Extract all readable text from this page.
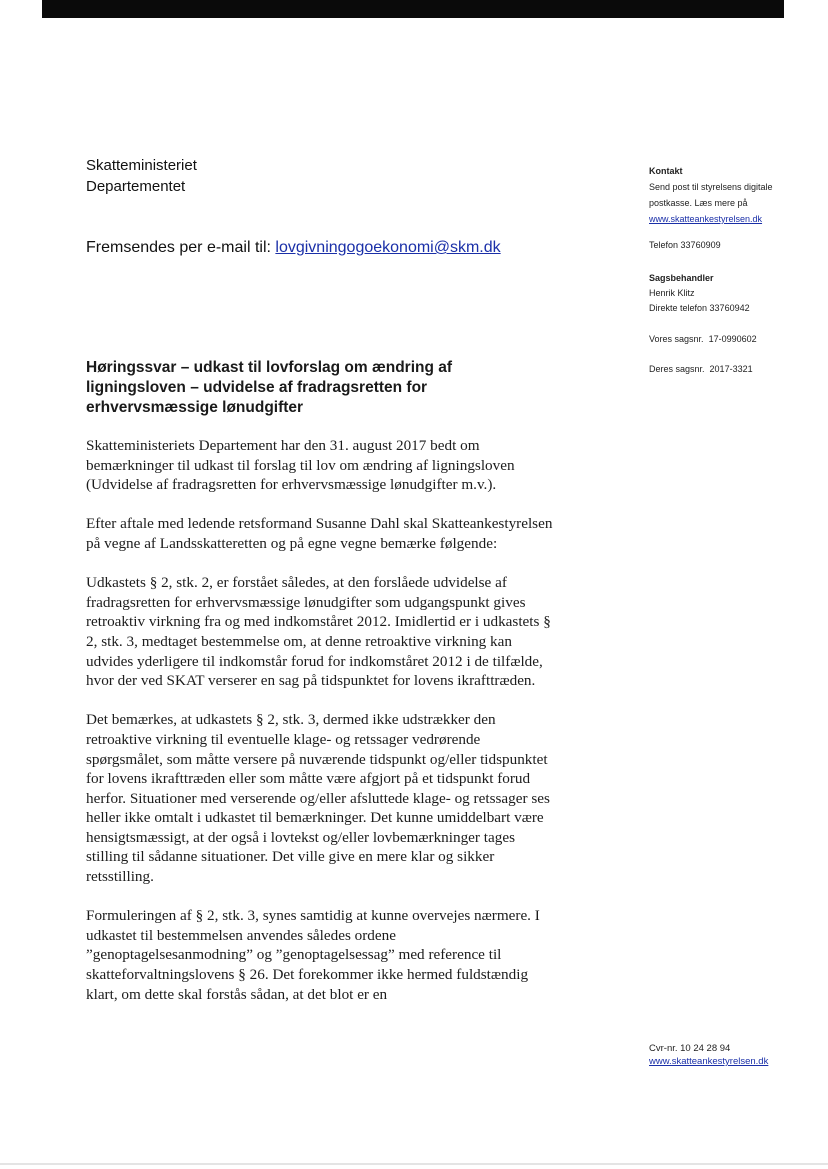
Skatteministeriet
Departementet
Fremsendes per e-mail til: lovgivningogoekonomi@skm.dk
Kontakt
Send post til styrelsens digitale
postkasse. Læs mere på
www.skatteankestyrelsen.dk
Telefon 33760909
Sagsbehandler
Henrik Klitz
Direkte telefon 33760942
Vores sagsnr. 17-0990602
Deres sagsnr. 2017-3321
Høringssvar – udkast til lovforslag om ændring af
ligningsloven – udvidelse af fradragsretten for
erhvervsmæssige lønudgifter

Skatteministeriets Departement har den 31. august 2017 bedt om bemærkninger til udkast til forslag til lov om ændring af ligningsloven (Udvidelse af fradragsretten for erhvervsmæssige lønudgifter m.v.).

Efter aftale med ledende retsformand Susanne Dahl skal Skatteankestyrelsen på vegne af Landsskatteretten og på egne vegne bemærke følgende:

Udkastets § 2, stk. 2, er forstået således, at den forslåede udvidelse af fradragsretten for erhvervsmæssige lønudgifter som udgangspunkt gives retroaktiv virkning fra og med indkomståret 2012. Imidlertid er i udkastets § 2, stk. 3, medtaget bestemmelse om, at denne retroaktive virkning kan udvides yderligere til indkomstår forud for indkomståret 2012 i de tilfælde, hvor der ved SKAT verserer en sag på tidspunktet for lovens ikrafttræden.

Det bemærkes, at udkastets § 2, stk. 3, dermed ikke udstrækker den retroaktive virkning til eventuelle klage- og retssager vedrørende spørgsmålet, som måtte versere på nuværende tidspunkt og/eller tidspunktet for lovens ikrafttræden eller som måtte være afgjort på et tidspunkt forud herfor. Situationer med verserende og/eller afsluttede klage- og retssager ses heller ikke omtalt i udkastet til bemærkninger. Det kunne umiddelbart være hensigtsmæssigt, at der også i lovtekst og/eller lovbemærkninger tages stilling til sådanne situationer. Det ville give en mere klar og sikker retsstilling.

Formuleringen af § 2, stk. 3, synes samtidig at kunne overvejes nærmere. I udkastet til bestemmelsen anvendes således ordene ”genoptagelsesanmodning” og ”genoptagelsessag” med reference til skatteforvaltningslovens § 26. Det forekommer ikke hermed fuldstændig klart, om dette skal forstås sådan, at det blot er en

Cvr-nr. 10 24 28 94
www.skatteankestyrelsen.dk
